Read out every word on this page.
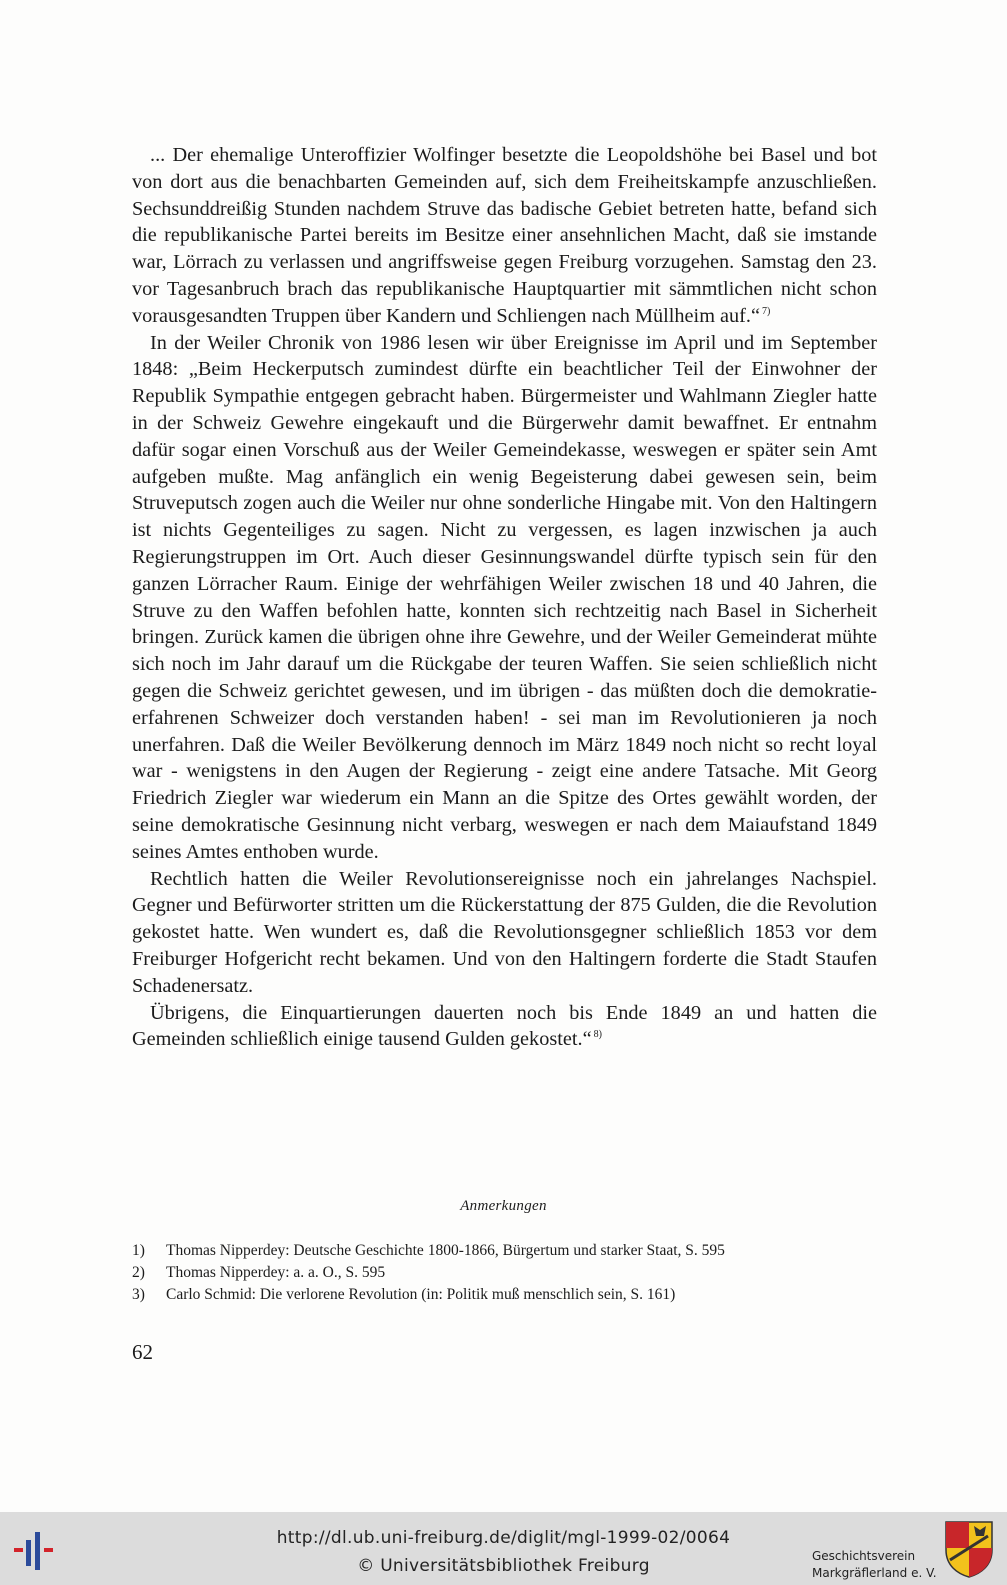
... Der ehemalige Unteroffizier Wolfinger besetzte die Leopoldshöhe bei Basel und bot von dort aus die benachbarten Gemeinden auf, sich dem Freiheitskampfe anzuschließen. Sechsunddreißig Stunden nachdem Struve das badische Gebiet betreten hatte, befand sich die republikanische Partei bereits im Besitze einer ansehnlichen Macht, daß sie imstande war, Lörrach zu verlassen und angriffsweise gegen Freiburg vorzugehen. Samstag den 23. vor Tagesanbruch brach das republikanische Hauptquartier mit sämmtlichen nicht schon vorausgesandten Truppen über Kandern und Schliengen nach Müllheim auf.“ $^{7)}$

In der Weiler Chronik von 1986 lesen wir über Ereignisse im April und im September 1848: „Beim Heckerputsch zumindest dürfte ein beachtlicher Teil der Einwohner der Republik Sympathie entgegen gebracht haben. Bürgermeister und Wahlmann Ziegler hatte in der Schweiz Gewehre eingekauft und die Bürgerwehr damit bewaffnet. Er entnahm dafür sogar einen Vorschuß aus der Weiler Gemeindekasse, weswegen er später sein Amt aufgeben mußte. Mag anfänglich ein wenig Begeisterung dabei gewesen sein, beim Struveputsch zogen auch die Weiler nur ohne sonderliche Hingabe mit. Von den Haltingern ist nichts Gegenteiliges zu sagen. Nicht zu vergessen, es lagen inzwischen ja auch Regierungstruppen im Ort. Auch dieser Gesinnungswandel dürfte typisch sein für den ganzen Lörracher Raum. Einige der wehrfähigen Weiler zwischen 18 und 40 Jahren, die Struve zu den Waffen befohlen hatte, konnten sich rechtzeitig nach Basel in Sicherheit bringen. Zurück kamen die übrigen ohne ihre Gewehre, und der Weiler Gemeinderat mühte sich noch im Jahr darauf um die Rückgabe der teuren Waffen. Sie seien schließlich nicht gegen die Schweiz gerichtet gewesen, und im übrigen - das müßten doch die demokratie- erfahrenen Schweizer doch verstanden haben! - sei man im Revolutionieren ja noch unerfahren. Daß die Weiler Bevölkerung dennoch im März 1849 noch nicht so recht loyal war - wenigstens in den Augen der Regierung - zeigt eine andere Tatsache. Mit Georg Friedrich Ziegler war wiederum ein Mann an die Spitze des Ortes gewählt worden, der seine demokratische Gesinnung nicht verbarg, weswegen er nach dem Maiaufstand 1849 seines Amtes enthoben wurde.

Rechtlich hatten die Weiler Revolutionsereignisse noch ein jahrelanges Nachspiel. Gegner und Befürworter stritten um die Rückerstattung der 875 Gulden, die die Revolution gekostet hatte. Wen wundert es, daß die Revolutionsgegner schließlich 1853 vor dem Freiburger Hofgericht recht bekamen. Und von den Haltingern forderte die Stadt Staufen Schadenersatz.

Übrigens, die Einquartierungen dauerten noch bis Ende 1849 an und hatten die Gemeinden schließlich einige tausend Gulden gekostet.“ $^{8)}$

Anmerkungen
1)	Thomas Nipperdey: Deutsche Geschichte 1800-1866, Bürgertum und starker Staat, S. 595
2)	Thomas Nipperdey: a. a. O., S. 595
3)	Carlo Schmid: Die verlorene Revolution (in: Politik muß menschlich sein, S. 161)
62
http://dl.ub.uni-freiburg.de/diglit/mgl-1999-02/0064
© Universitätsbibliothek Freiburg	Geschichtsverein
Markgräflerland e. V.
